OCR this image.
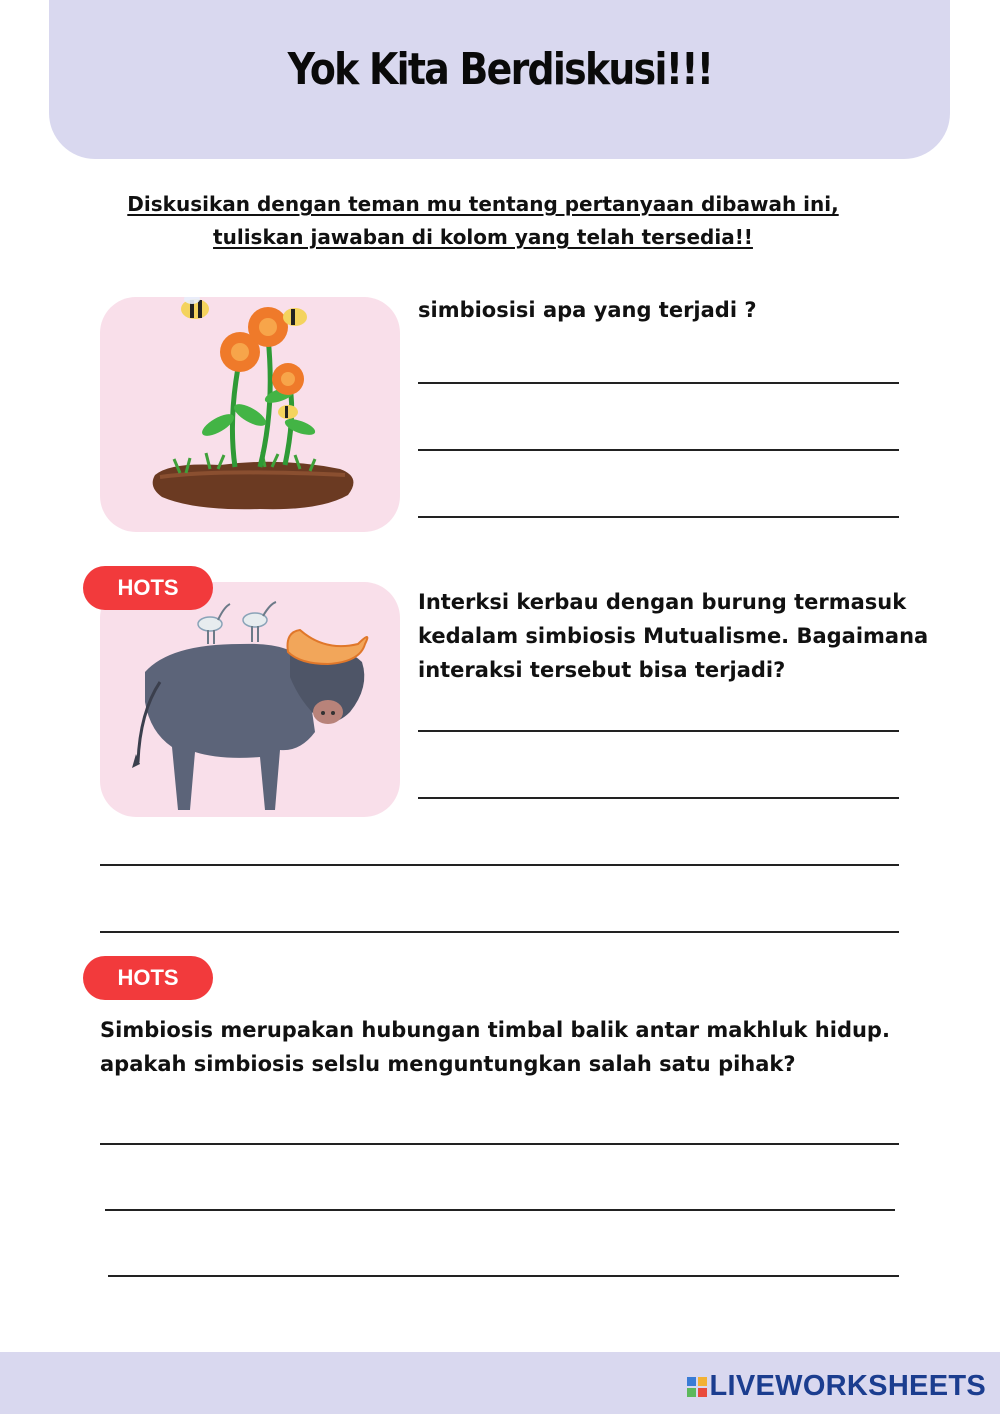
Yok Kita Berdiskusi!!!
Diskusikan dengan teman mu tentang pertanyaan dibawah ini,
tuliskan jawaban di kolom yang telah tersedia!!

simbiosisi apa yang terjadi ?

HOTS

Interksi kerbau dengan burung termasuk

kedalam simbiosis Mutualisme. Bagaimana

interaksi tersebut bisa terjadi?

HOTS

Simbiosis merupakan hubungan timbal balik antar makhluk hidup.

apakah simbiosis selslu menguntungkan salah satu pihak?

LIVEWORKSHEETS
